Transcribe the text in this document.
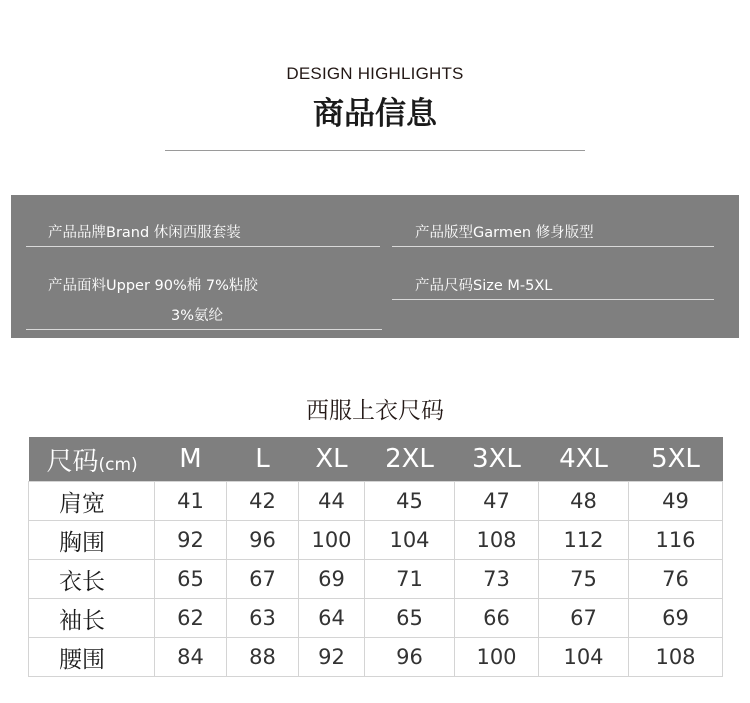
DESIGN HIGHLIGHTS
商品信息
产品品牌Brand 休闲西服套装	产品版型Garmen 修身版型
产品面料Upper 90%棉 7%粘胶
3%氨纶
产品尺码Size M-5XL
西服上衣尺码
尺码(cm)	M	L	XL	2XL	3XL	4XL	5XL
肩宽	41	42	44	45	47	48	49
胸围	92	96	100	104	108	112	116
衣长	65	67	69	71	73	75	76
袖长	62	63	64	65	66	67	69
腰围	84	88	92	96	100	104	108
